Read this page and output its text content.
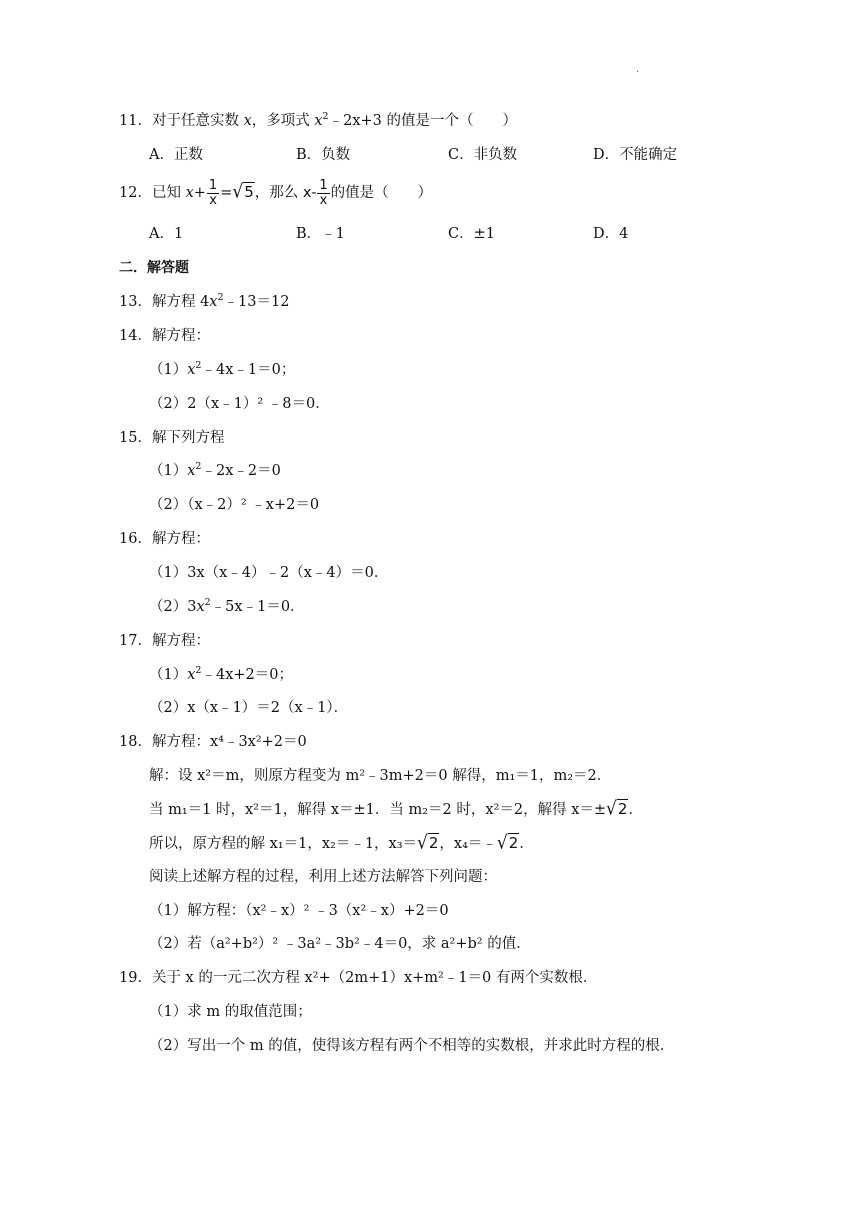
.
11．对于任意实数 x，多项式 $x^2﹣2x+3$ 的值是一个（　　）
A．正数	B．负数	C．非负数	D．不能确定
12．已知 $x+ \frac{1}{x} =√5$，那么 $x- \frac{1}{x}$ 的值是（　　）
A．1	B．﹣1	C．±1	D．4
二．解答题
13．解方程 $4x^2﹣13=12$
14．解方程：
$(1)x^2﹣4x﹣1=0$；
（2）2（x﹣1）² ﹣8＝0．
15．解下列方程
$(1)x^2﹣2x﹣2=0$
（2）（x﹣2）² ﹣x+2＝0
16．解方程：
（1）3x（x﹣4）﹣2（x﹣4）＝0．
$(2)3x^2﹣5x﹣1=0$．
17．解方程：
$(1)x^2﹣4x+2=0$；
（2）x（x﹣1）＝2（x﹣1）．
18．解方程：x⁴﹣3x²+2＝0
解：设 x²＝m，则原方程变为 m²﹣3m+2＝0 解得，m₁＝1，m₂＝2．
当 m₁＝1 时，x²＝1，解得 x＝±1．当 m₂＝2 时，x²＝2，解得 x＝±√2．
所以，原方程的解 x₁＝1，x₂＝﹣1，x₃＝√2，x₄＝﹣√2．
阅读上述解方程的过程，利用上述方法解答下列问题：
（1）解方程：（x²﹣x）² ﹣3（x²﹣x）+2＝0
（2）若（a²+b²）² ﹣3a²﹣3b²﹣4＝0，求 a²+b² 的值．
19．关于 x 的一元二次方程 x²+（2m+1）x+m²﹣1＝0 有两个实数根．
（1）求 m 的取值范围；
（2）写出一个 m 的值，使得该方程有两个不相等的实数根，并求此时方程的根．
